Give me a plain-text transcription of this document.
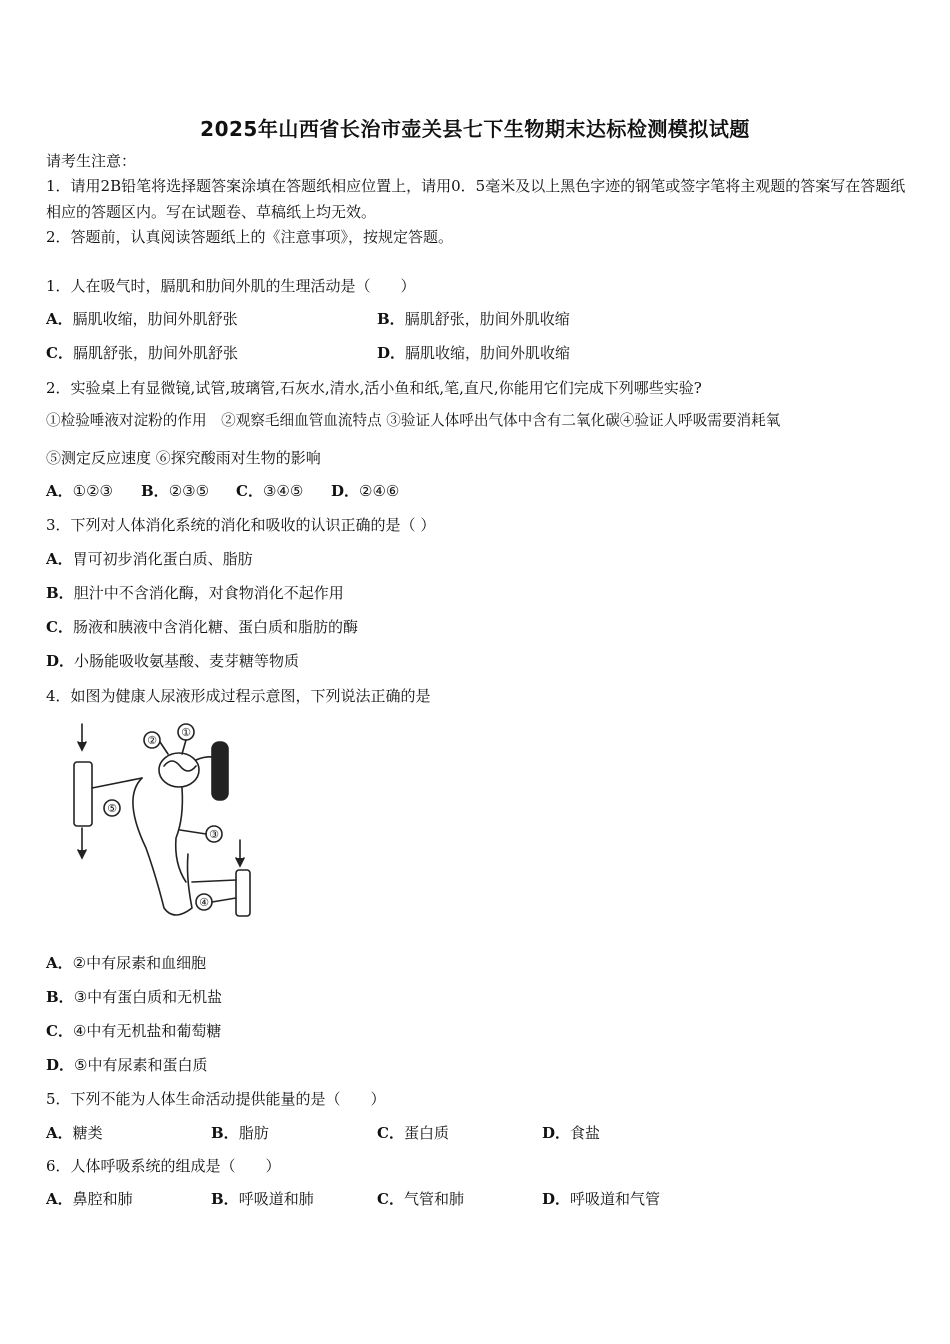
2025年山西省长治市壶关县七下生物期末达标检测模拟试题
请考生注意：
1．请用2B铅笔将选择题答案涂填在答题纸相应位置上，请用0．5毫米及以上黑色字迹的钢笔或签字笔将主观题的答案写在答题纸相应的答题区内。写在试题卷、草稿纸上均无效。
2．答题前，认真阅读答题纸上的《注意事项》，按规定答题。
1．人在吸气时，膈肌和肋间外肌的生理活动是（　　）
A．膈肌收缩，肋间外肌舒张	B．膈肌舒张，肋间外肌收缩
C．膈肌舒张，肋间外肌舒张	D．膈肌收缩，肋间外肌收缩
2．实验桌上有显微镜,试管,玻璃管,石灰水,清水,活小鱼和纸,笔,直尺,你能用它们完成下列哪些实验?
①检验唾液对淀粉的作用　②观察毛细血管血流特点 ③验证人体呼出气体中含有二氧化碳④验证人呼吸需要消耗氧
⑤测定反应速度 ⑥探究酸雨对生物的影响
A．①②③ B．②③⑤ C．③④⑤ D．②④⑥
3．下列对人体消化系统的消化和吸收的认识正确的是（ ）
A．胃可初步消化蛋白质、脂肪
B．胆汁中不含消化酶，对食物消化不起作用
C．肠液和胰液中含消化糖、蛋白质和脂肪的酶
D．小肠能吸收氨基酸、麦芽糖等物质
4．如图为健康人尿液形成过程示意图，下列说法正确的是
①
②
③
④
⑤
A．②中有尿素和血细胞
B．③中有蛋白质和无机盐
C．④中有无机盐和葡萄糖
D．⑤中有尿素和蛋白质
5．下列不能为人体生命活动提供能量的是（　　）
A．糖类	B．脂肪	C．蛋白质	D．食盐
6．人体呼吸系统的组成是（　　）
A．鼻腔和肺	B．呼吸道和肺	C．气管和肺	D．呼吸道和气管
